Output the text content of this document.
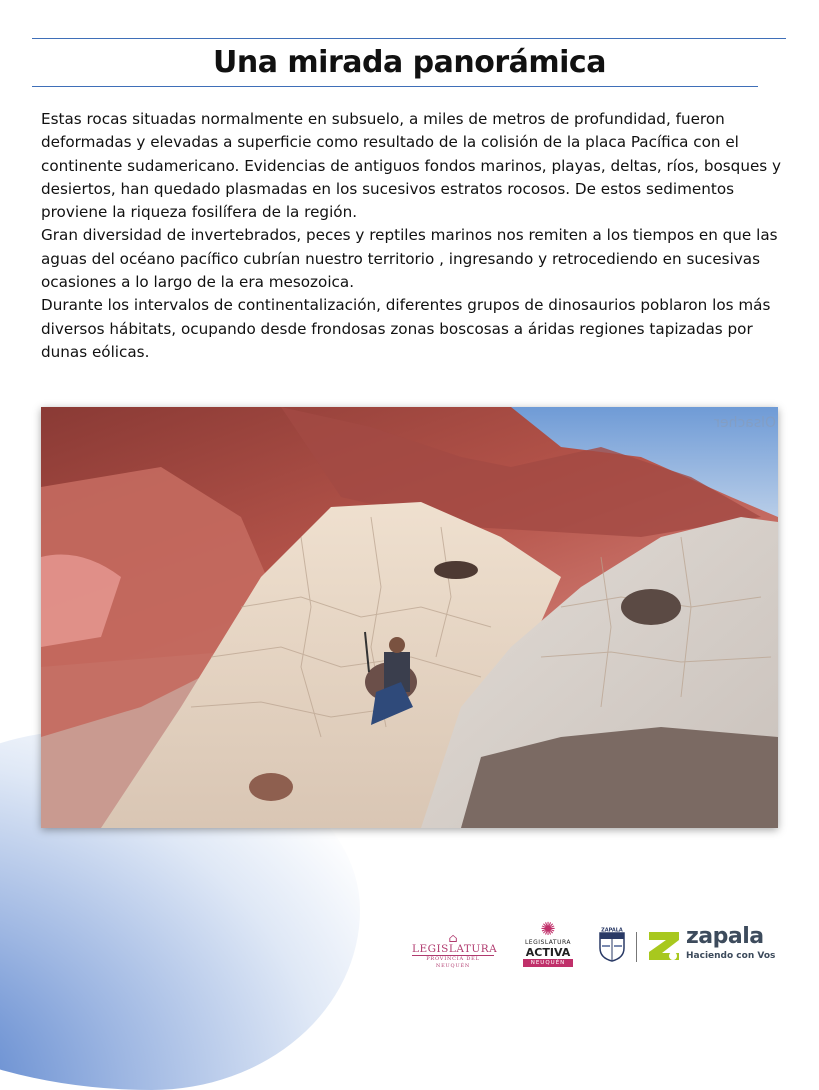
Una mirada panorámica

Estas rocas situadas normalmente en subsuelo, a miles de metros de profundidad, fueron deformadas y elevadas a superficie como resultado de la colisión de la placa Pacífica con el continente sudamericano. Evidencias de antiguos fondos marinos, playas, deltas, ríos, bosques y desiertos, han quedado plasmadas en los sucesivos estratos rocosos. De estos sedimentos proviene la riqueza fosilífera de la región.

Gran diversidad de invertebrados, peces y reptiles marinos nos remiten a los tiempos en que las aguas del océano pacífico cubrían nuestro territorio , ingresando y retrocediendo en sucesivas ocasiones a lo largo de la era mesozoica.

Durante los intervalos de continentalización, diferentes grupos de dinosaurios poblaron los más diversos hábitats, ocupando desde frondosas zonas boscosas a áridas regiones tapizadas por dunas eólicas.

Olsacher
⌂
LEGISLATURA
PROVINCIA DEL NEUQUÉN
✺
LEGISLATURA
ACTIVA
NEUQUÉN
ZAPALA	zapala
Haciendo con Vos
